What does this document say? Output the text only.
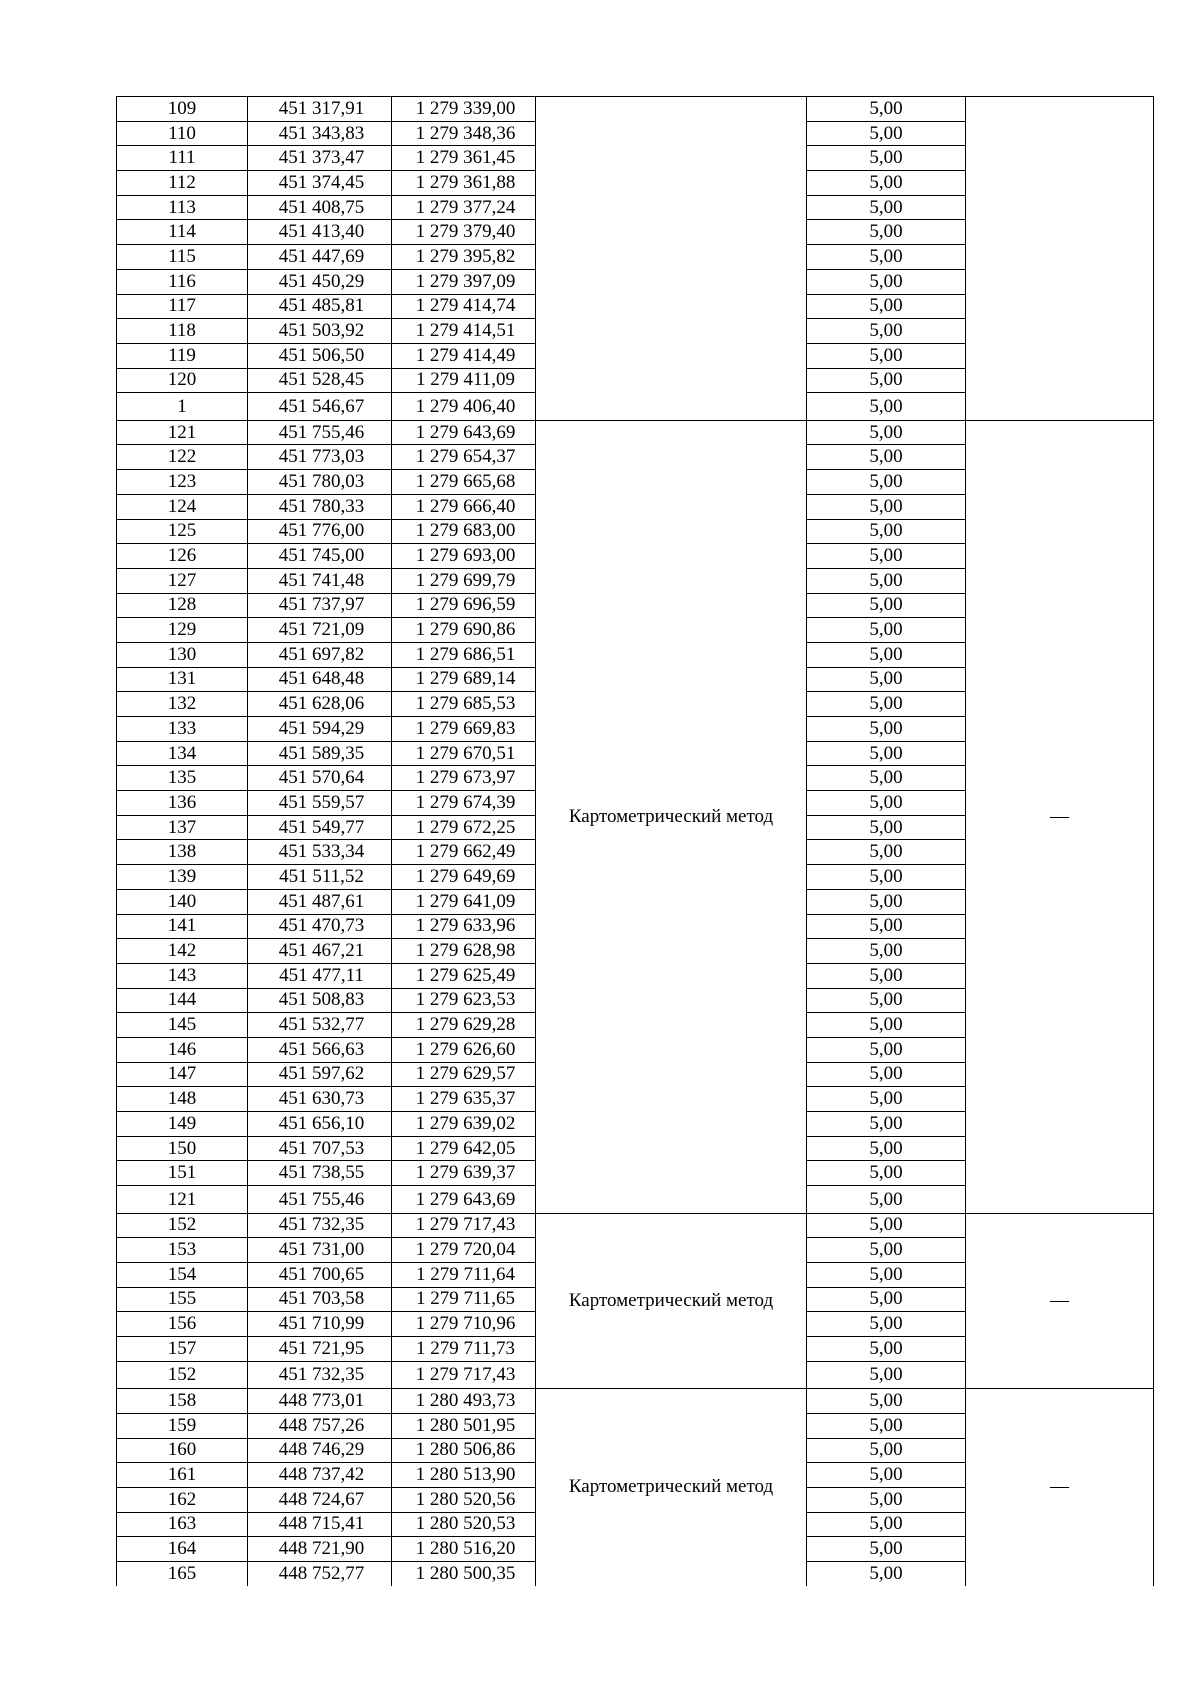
109	451 317,91	1 279 339,00		5,00	
110	451 343,83	1 279 348,36		5,00	
111	451 373,47	1 279 361,45		5,00	
112	451 374,45	1 279 361,88		5,00	
113	451 408,75	1 279 377,24		5,00	
114	451 413,40	1 279 379,40		5,00	
115	451 447,69	1 279 395,82		5,00	
116	451 450,29	1 279 397,09		5,00	
117	451 485,81	1 279 414,74		5,00	
118	451 503,92	1 279 414,51		5,00	
119	451 506,50	1 279 414,49		5,00	
120	451 528,45	1 279 411,09		5,00	
1	451 546,67	1 279 406,40		5,00	
121	451 755,46	1 279 643,69	Картометрический метод	5,00	—
122	451 773,03	1 279 654,37		5,00	
123	451 780,03	1 279 665,68		5,00	
124	451 780,33	1 279 666,40		5,00	
125	451 776,00	1 279 683,00		5,00	
126	451 745,00	1 279 693,00		5,00	
127	451 741,48	1 279 699,79		5,00	
128	451 737,97	1 279 696,59		5,00	
129	451 721,09	1 279 690,86		5,00	
130	451 697,82	1 279 686,51		5,00	
131	451 648,48	1 279 689,14		5,00	
132	451 628,06	1 279 685,53		5,00	
133	451 594,29	1 279 669,83		5,00	
134	451 589,35	1 279 670,51		5,00	
135	451 570,64	1 279 673,97		5,00	
136	451 559,57	1 279 674,39		5,00	
137	451 549,77	1 279 672,25		5,00	
138	451 533,34	1 279 662,49		5,00	
139	451 511,52	1 279 649,69		5,00	
140	451 487,61	1 279 641,09		5,00	
141	451 470,73	1 279 633,96		5,00	
142	451 467,21	1 279 628,98		5,00	
143	451 477,11	1 279 625,49		5,00	
144	451 508,83	1 279 623,53		5,00	
145	451 532,77	1 279 629,28		5,00	
146	451 566,63	1 279 626,60		5,00	
147	451 597,62	1 279 629,57		5,00	
148	451 630,73	1 279 635,37		5,00	
149	451 656,10	1 279 639,02		5,00	
150	451 707,53	1 279 642,05		5,00	
151	451 738,55	1 279 639,37		5,00	
121	451 755,46	1 279 643,69		5,00	
152	451 732,35	1 279 717,43	Картометрический метод	5,00	—
153	451 731,00	1 279 720,04		5,00	
154	451 700,65	1 279 711,64		5,00	
155	451 703,58	1 279 711,65		5,00	
156	451 710,99	1 279 710,96		5,00	
157	451 721,95	1 279 711,73		5,00	
152	451 732,35	1 279 717,43		5,00	
158	448 773,01	1 280 493,73	Картометрический метод	5,00	—
159	448 757,26	1 280 501,95		5,00	
160	448 746,29	1 280 506,86		5,00	
161	448 737,42	1 280 513,90		5,00	
162	448 724,67	1 280 520,56		5,00	
163	448 715,41	1 280 520,53		5,00	
164	448 721,90	1 280 516,20		5,00	
165	448 752,77	1 280 500,35		5,00	
